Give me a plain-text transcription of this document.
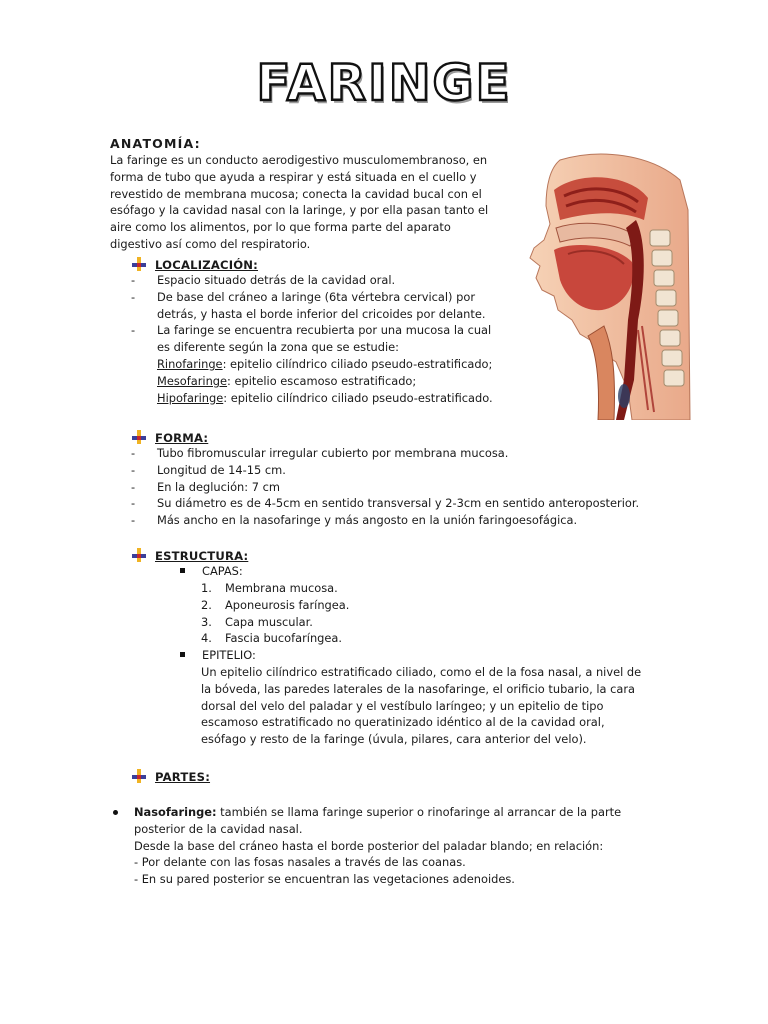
FARINGE
ANATOMÍA:
La faringe es un conducto aerodigestivo musculomembranoso, en
forma de tubo que ayuda a respirar y está situada en el cuello y
revestido de membrana mucosa; conecta la cavidad bucal con el
esófago y la cavidad nasal con la laringe, y por ella pasan tanto el
aire como los alimentos, por lo que forma parte del aparato
digestivo así como del respiratorio.
LOCALIZACIÓN:
- Espacio situado detrás de la cavidad oral.
- De base del cráneo a laringe (6ta vértebra cervical) por
detrás, y hasta el borde inferior del cricoides por delante.
- La faringe se encuentra recubierta por una mucosa la cual
es diferente según la zona que se estudie:
Rinofaringe: epitelio cilíndrico ciliado pseudo-estratificado;
Mesofaringe: epitelio escamoso estratificado;
Hipofaringe: epitelio cilíndrico ciliado pseudo-estratificado.
FORMA:
- Tubo fibromuscular irregular cubierto por membrana mucosa.
- Longitud de 14-15 cm.
- En la deglución: 7 cm
- Su diámetro es de 4-5cm en sentido transversal y 2-3cm en sentido anteroposterior.
- Más ancho en la nasofaringe y más angosto en la unión faringoesofágica.
ESTRUCTURA:
CAPAS:
1. Membrana mucosa.
2. Aponeurosis faríngea.
3. Capa muscular.
4. Fascia bucofaríngea.
EPITELIO:
Un epitelio cilíndrico estratificado ciliado, como el de la fosa nasal, a nivel de
la bóveda, las paredes laterales de la nasofaringe, el orificio tubario, la cara
dorsal del velo del paladar y el vestíbulo laríngeo; y un epitelio de tipo
escamoso estratificado no queratinizado idéntico al de la cavidad oral,
esófago y resto de la faringe (úvula, pilares, cara anterior del velo).
PARTES:
Nasofaringe: también se llama faringe superior o rinofaringe al arrancar de la parte
posterior de la cavidad nasal.
Desde la base del cráneo hasta el borde posterior del paladar blando; en relación:
- Por delante con las fosas nasales a través de las coanas.
- En su pared posterior se encuentran las vegetaciones adenoides.
